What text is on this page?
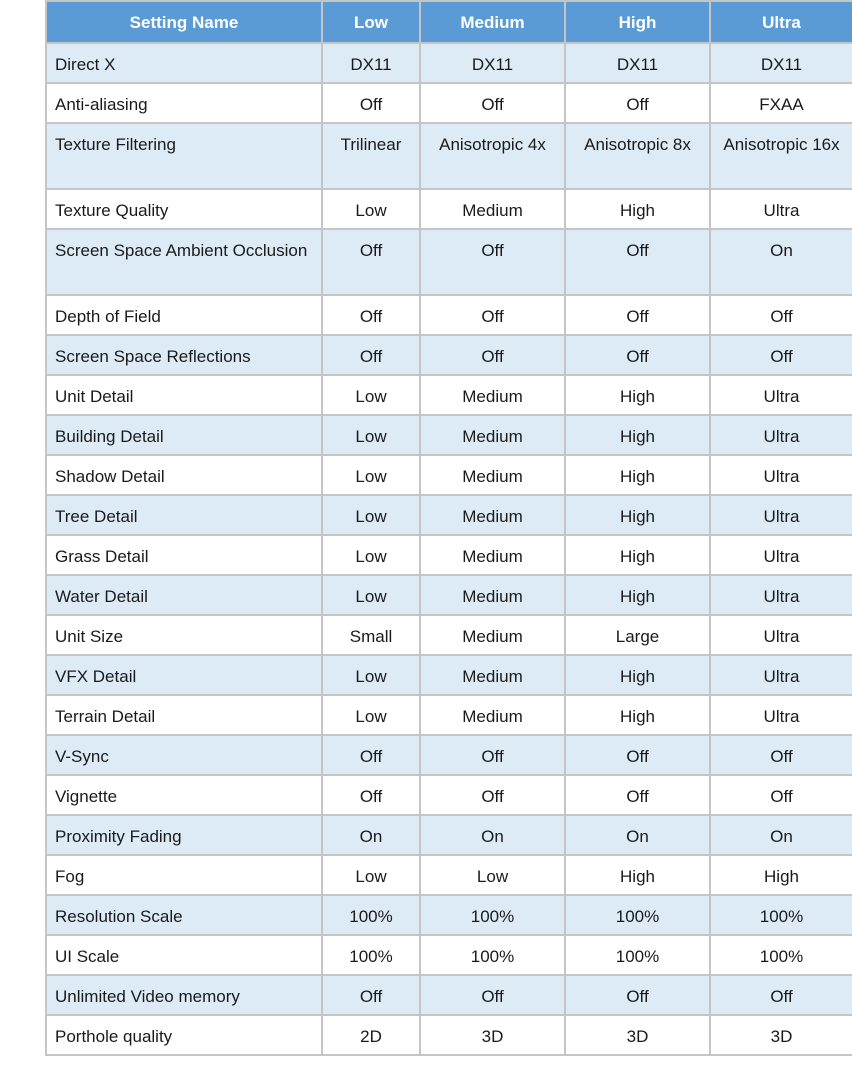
Setting Name	Low	Medium	High	Ultra
Direct X	DX11	DX11	DX11	DX11
Anti-aliasing	Off	Off	Off	FXAA
Texture Filtering	Trilinear	Anisotropic 4x	Anisotropic 8x	Anisotropic 16x
Texture Quality	Low	Medium	High	Ultra
Screen Space Ambient Occlusion	Off	Off	Off	On
Depth of Field	Off	Off	Off	Off
Screen Space Reflections	Off	Off	Off	Off
Unit Detail	Low	Medium	High	Ultra
Building Detail	Low	Medium	High	Ultra
Shadow Detail	Low	Medium	High	Ultra
Tree Detail	Low	Medium	High	Ultra
Grass Detail	Low	Medium	High	Ultra
Water Detail	Low	Medium	High	Ultra
Unit Size	Small	Medium	Large	Ultra
VFX Detail	Low	Medium	High	Ultra
Terrain Detail	Low	Medium	High	Ultra
V-Sync	Off	Off	Off	Off
Vignette	Off	Off	Off	Off
Proximity Fading	On	On	On	On
Fog	Low	Low	High	High
Resolution Scale	100%	100%	100%	100%
UI Scale	100%	100%	100%	100%
Unlimited Video memory	Off	Off	Off	Off
Porthole quality	2D	3D	3D	3D
